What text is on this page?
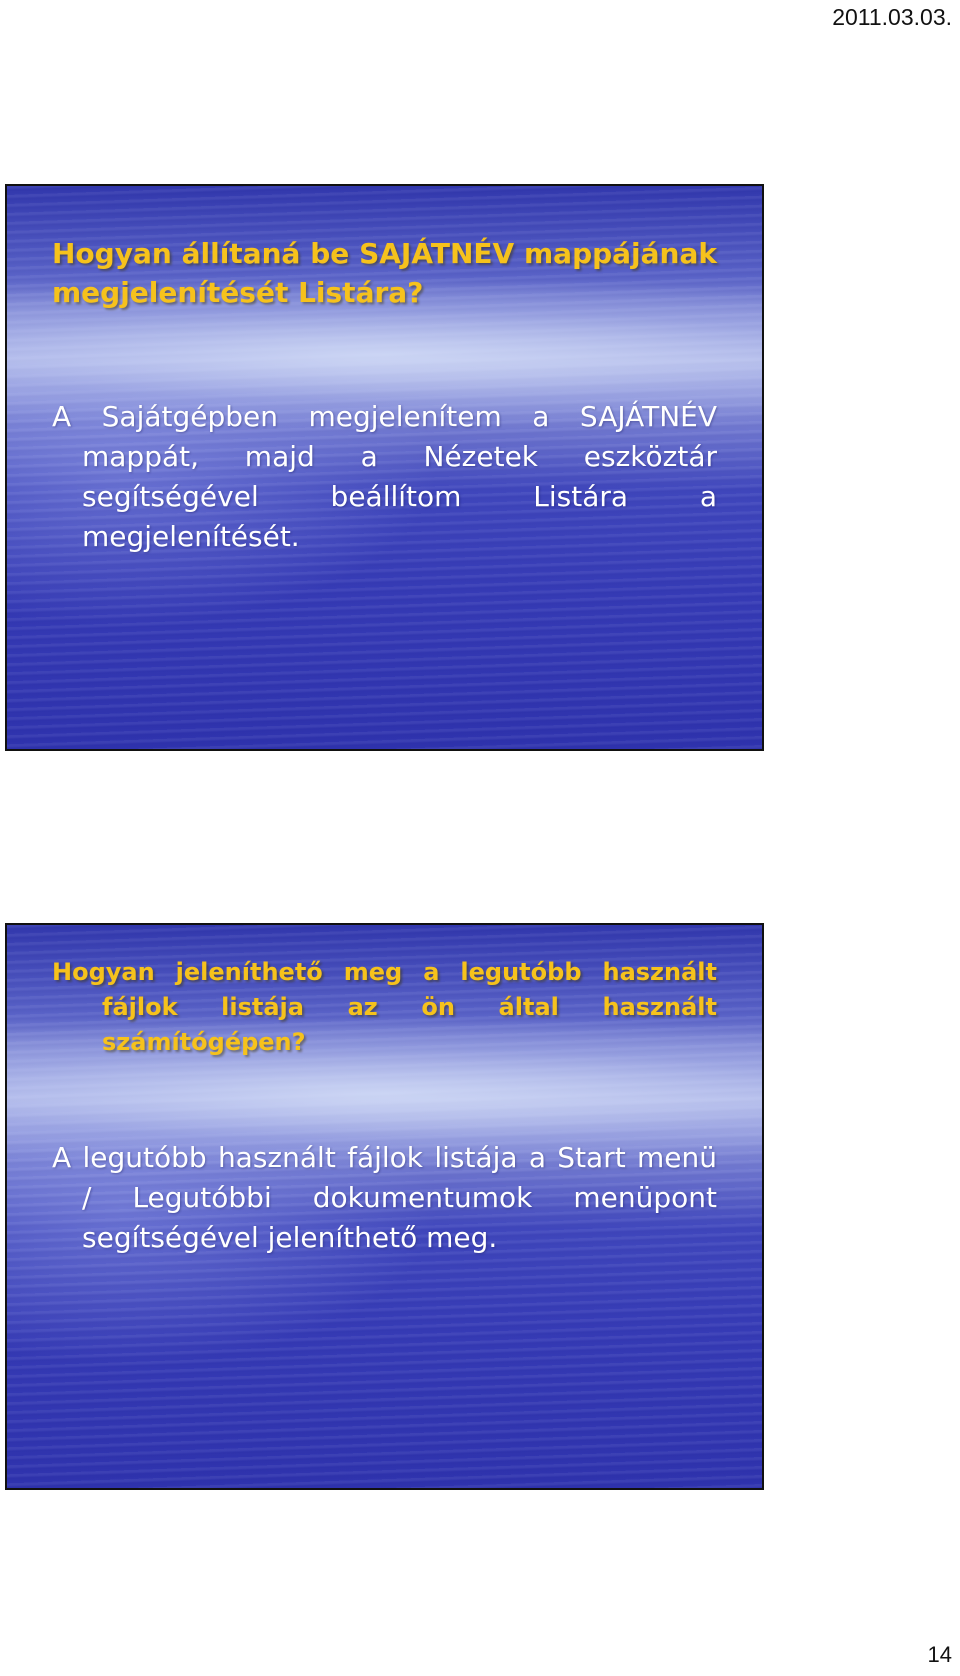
2011.03.03.
Hogyan állítaná be SAJÁTNÉV mappájának megjelenítését Listára?
A Sajátgépben megjelenítem a SAJÁTNÉV mappát, majd a Nézetek eszköztár segítségével beállítom Listára a megjelenítését.
Hogyan jeleníthető meg a legutóbb használt fájlok listája az ön által használt számítógépen?
A legutóbb használt fájlok listája a Start menü / Legutóbbi dokumentumok menüpont segítségével jeleníthető meg.
14
